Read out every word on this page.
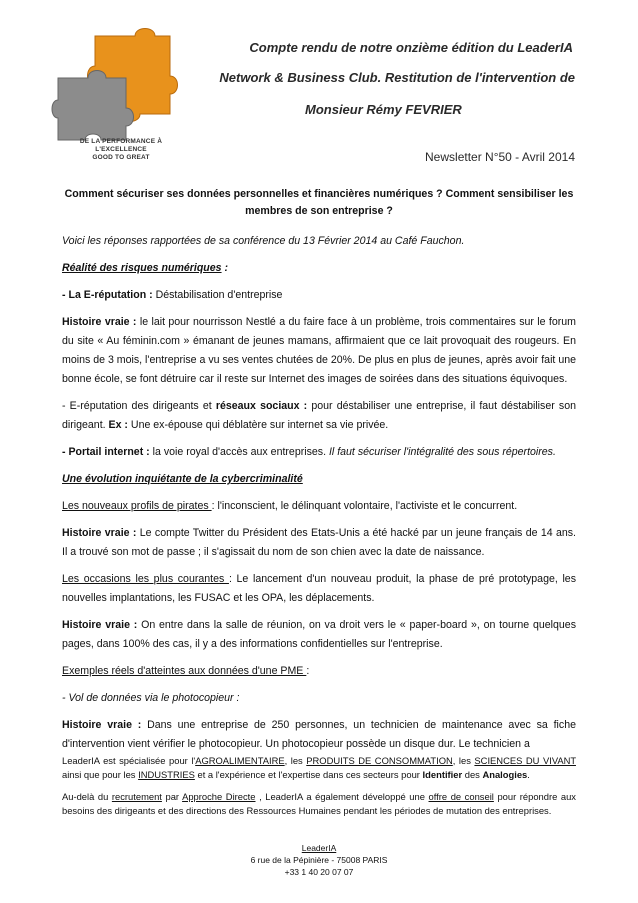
DE LA PERFORMANCE À L'EXCELLENCE
GOOD TO GREAT
Compte rendu de notre onzième édition du LeaderIA
Network & Business Club. Restitution de l'intervention de
Monsieur Rémy FEVRIER
Newsletter N°50 - Avril 2014

Comment sécuriser ses données personnelles et financières numériques ? Comment sensibiliser les membres de son entreprise ?

Voici les réponses rapportées de sa conférence du 13 Février 2014 au Café Fauchon.

Réalité des risques numériques :

- La E-réputation : Déstabilisation d'entreprise

Histoire vraie : le lait pour nourrisson Nestlé a du faire face à un problème, trois commentaires sur le forum du site « Au féminin.com » émanant de jeunes mamans, affirmaient que ce lait provoquait des rougeurs. En moins de 3 mois, l'entreprise a vu ses ventes chutées de 20%. De plus en plus de jeunes, après avoir fait une bonne école, se font détruire car il reste sur Internet des images de soirées dans des situations équivoques.

- E-réputation des dirigeants et réseaux sociaux : pour déstabiliser une entreprise, il faut déstabiliser son dirigeant. Ex : Une ex-épouse qui déblatère sur internet sa vie privée.

- Portail internet : la voie royal d'accès aux entreprises. Il faut sécuriser l'intégralité des sous répertoires.

Une évolution inquiétante de la cybercriminalité

Les nouveaux profils de pirates : l'inconscient, le délinquant volontaire, l'activiste et le concurrent.

Histoire vraie : Le compte Twitter du Président des Etats-Unis a été hacké par un jeune français de 14 ans. Il a trouvé son mot de passe ; il s'agissait du nom de son chien avec la date de naissance.

Les occasions les plus courantes : Le lancement d'un nouveau produit, la phase de pré prototypage, les nouvelles implantations, les FUSAC et les OPA, les déplacements.

Histoire vraie : On entre dans la salle de réunion, on va droit vers le « paper-board », on tourne quelques pages, dans 100% des cas, il y a des informations confidentielles sur l'entreprise.

Exemples réels d'atteintes aux données d'une PME :

- Vol de données via le photocopieur :

Histoire vraie : Dans une entreprise de 250 personnes, un technicien de maintenance avec sa fiche d'intervention vient vérifier le photocopieur. Un photocopieur possède un disque dur. Le technicien a

LeaderIA est spécialisée pour l'AGROALIMENTAIRE, les PRODUITS DE CONSOMMATION, les SCIENCES DU VIVANT ainsi que pour les INDUSTRIES et a l'expérience et l'expertise dans ces secteurs pour Identifier des Analogies.

Au-delà du recrutement par Approche Directe , LeaderIA a également développé une offre de conseil pour répondre aux besoins des dirigeants et des directions des Ressources Humaines pendant les périodes de mutation des entreprises.

LeaderIA
6 rue de la Pépinière - 75008 PARIS
+33 1 40 20 07 07
